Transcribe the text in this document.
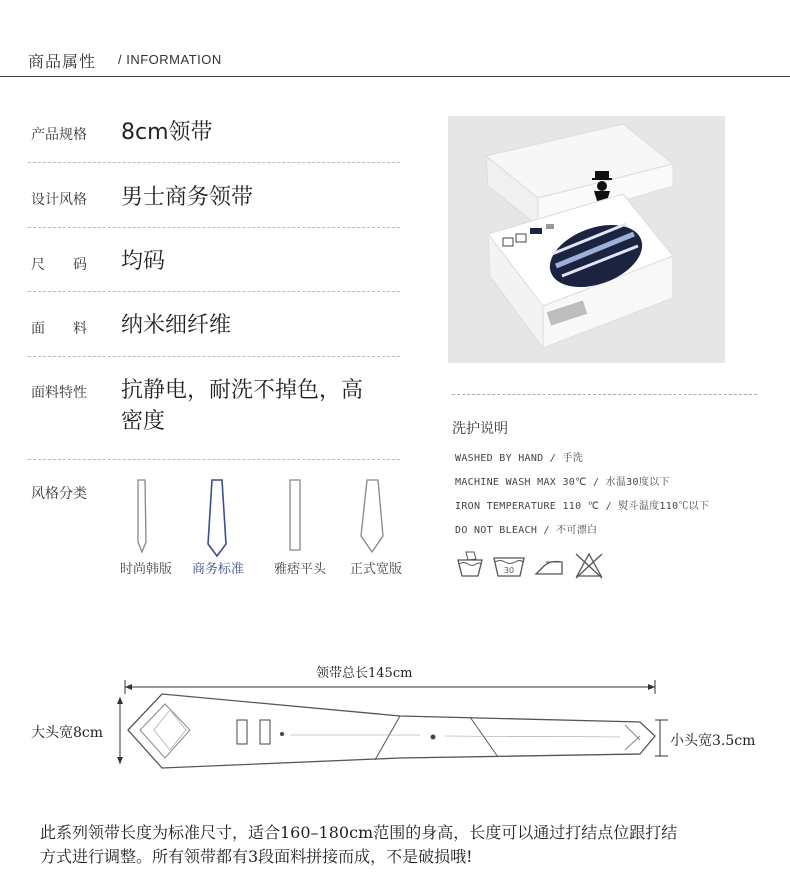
商品属性 / INFORMATION
产品规格 8cm领带
设计风格 男士商务领带
尺　　码 均码
面　　料 纳米细纤维
面料特性 抗静电，耐洗不掉色，高
密度
风格分类
时尚韩版	商务标准	雅痞平头	正式宽版
洗护说明
WASHED BY HAND / 手洗
MACHINE WASH MAX 30℃ / 水温30度以下
IRON TEMPERATURE 110 ℃ / 熨斗温度110℃以下
DO NOT BLEACH / 不可漂白
30
领带总长145cm
大头宽8cm	小头宽3.5cm
此系列领带长度为标准尺寸，适合160–180cm范围的身高，长度可以通过打结点位跟打结
方式进行调整。所有领带都有3段面料拼接而成，不是破损哦!
